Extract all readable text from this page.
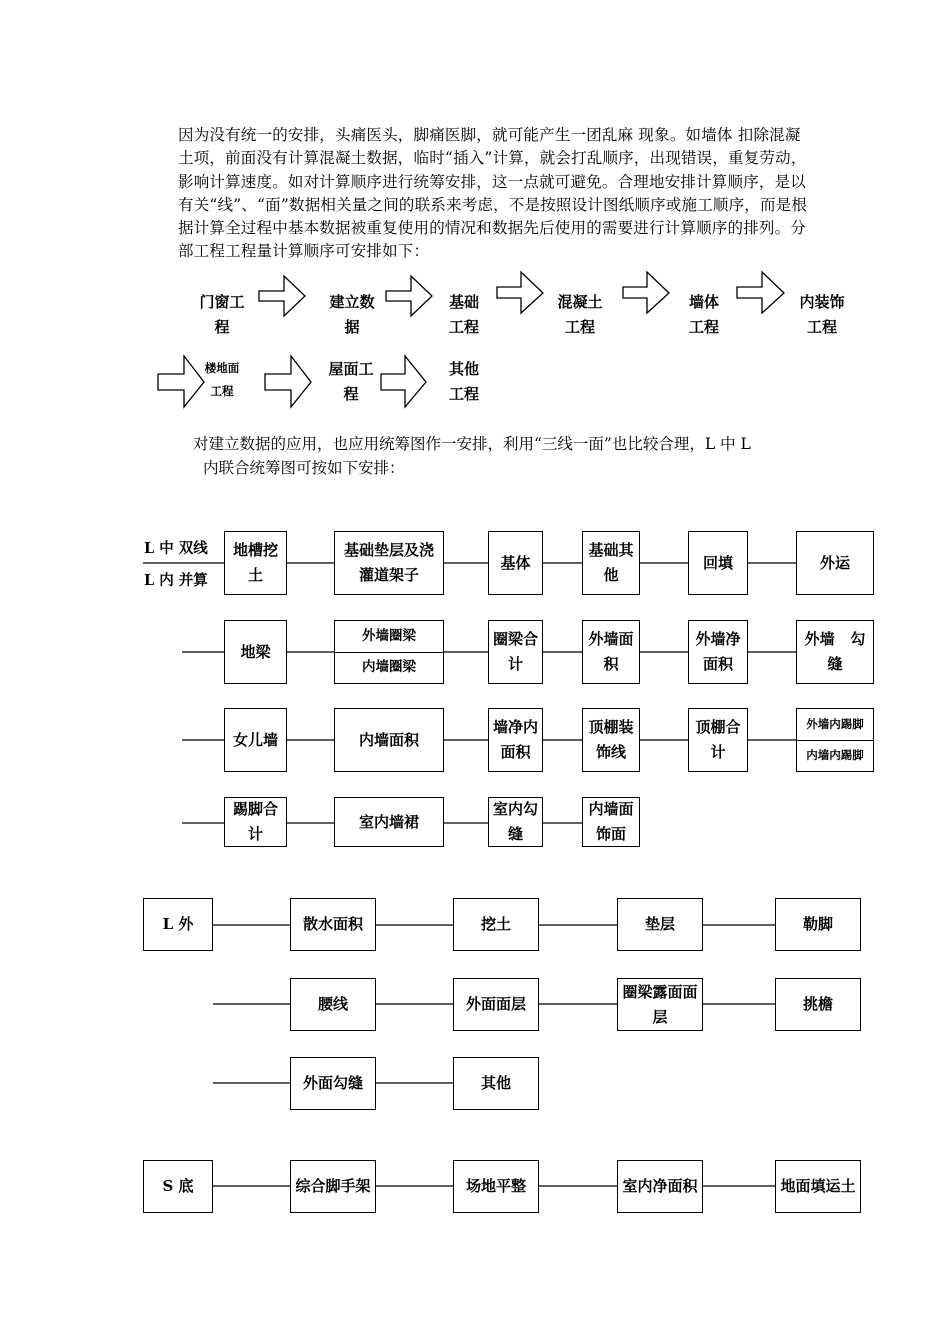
因为没有统一的安排，头痛医头，脚痛医脚，就可能产生一团乱麻 现象。如墙体 扣除混凝土项，前面没有计算混凝土数据，临时“插入”计算，就会打乱顺序，出现错误，重复劳动，影响计算速度。如对计算顺序进行统筹安排，这一点就可避免。合理地安排计算顺序，是以有关“线”、“面”数据相关量之间的联系来考虑，不是按照设计图纸顺序或施工顺序，而是根据计算全过程中基本数据被重复使用的情况和数据先后使用的需要进行计算顺序的排列。分部工程工程量计算顺序可安排如下：
门窗工
程
建立数
据
基础
工程
混凝土
工程
墙体
工程
内装饰
工程
楼地面
工程
屋面工
程
其他
工程
对建立数据的应用，也应用统筹图作一安排，利用“三线一面”也比较合理，L 中 L
内联合统筹图可按如下安排：
L 中 双线
L 内 并算
地槽挖土
基础垫层及浇灌道架子
基体
基础其他
回填	外运
地梁
外墙圈梁
内墙圈梁
圈梁合计
外墙面积
外墙净面积
外墙   勾缝
女儿墙	内墙面积
墙净内面积
顶棚装饰线
顶棚合计
外墙内踢脚
内墙内踢脚
踢脚合计
室内墙裙
室内勾缝
内墙面饰面
L 外	散水面积	挖土	垫层	勒脚
腰线	外面面层
圈梁露面面层
挑檐
外面勾缝	其他
S 底	综合脚手架	场地平整	室内净面积	地面填运土
